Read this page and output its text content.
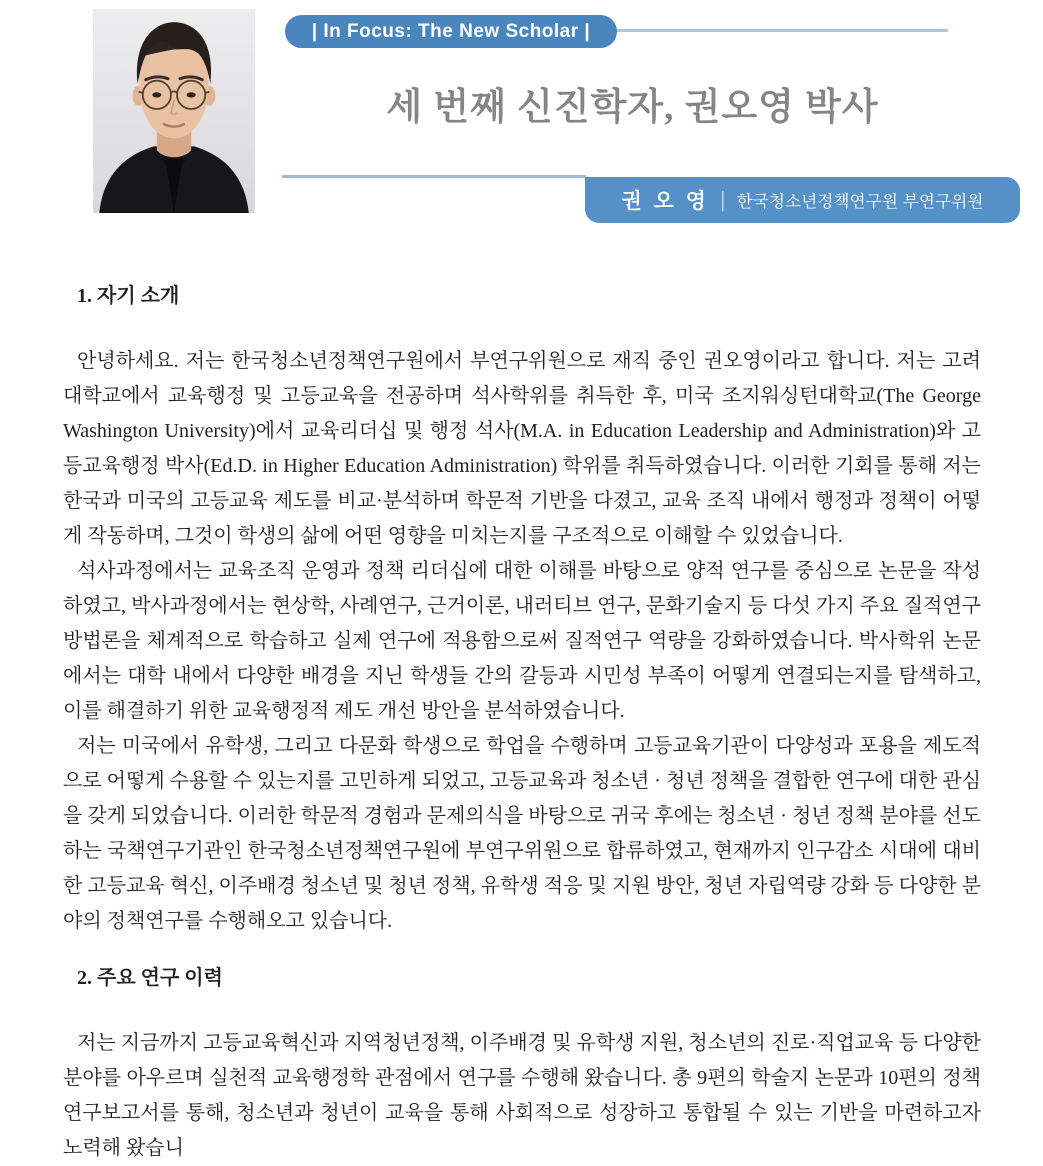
| In Focus: The New Scholar |
세 번째 신진학자, 권오영 박사
권 오 영 | 한국청소년정책연구원 부연구위원
1. 자기 소개

안녕하세요. 저는 한국청소년정책연구원에서 부연구위원으로 재직 중인 권오영이라고 합니다. 저는 고려대학교에서 교육행정 및 고등교육을 전공하며 석사학위를 취득한 후, 미국 조지워싱턴대학교(The George Washington University)에서 교육리더십 및 행정 석사(M.A. in Education Leadership and Administration)와 고등교육행정 박사(Ed.D. in Higher Education Administration) 학위를 취득하였습니다. 이러한 기회를 통해 저는 한국과 미국의 고등교육 제도를 비교·분석하며 학문적 기반을 다졌고, 교육 조직 내에서 행정과 정책이 어떻게 작동하며, 그것이 학생의 삶에 어떤 영향을 미치는지를 구조적으로 이해할 수 있었습니다.

석사과정에서는 교육조직 운영과 정책 리더십에 대한 이해를 바탕으로 양적 연구를 중심으로 논문을 작성하였고, 박사과정에서는 현상학, 사례연구, 근거이론, 내러티브 연구, 문화기술지 등 다섯 가지 주요 질적연구 방법론을 체계적으로 학습하고 실제 연구에 적용함으로써 질적연구 역량을 강화하였습니다. 박사학위 논문에서는 대학 내에서 다양한 배경을 지닌 학생들 간의 갈등과 시민성 부족이 어떻게 연결되는지를 탐색하고, 이를 해결하기 위한 교육행정적 제도 개선 방안을 분석하였습니다.

저는 미국에서 유학생, 그리고 다문화 학생으로 학업을 수행하며 고등교육기관이 다양성과 포용을 제도적으로 어떻게 수용할 수 있는지를 고민하게 되었고, 고등교육과 청소년 · 청년 정책을 결합한 연구에 대한 관심을 갖게 되었습니다. 이러한 학문적 경험과 문제의식을 바탕으로 귀국 후에는 청소년 · 청년 정책 분야를 선도하는 국책연구기관인 한국청소년정책연구원에 부연구위원으로 합류하였고, 현재까지 인구감소 시대에 대비한 고등교육 혁신, 이주배경 청소년 및 청년 정책, 유학생 적응 및 지원 방안, 청년 자립역량 강화 등 다양한 분야의 정책연구를 수행해오고 있습니다.

2. 주요 연구 이력

저는 지금까지 고등교육혁신과 지역청년정책, 이주배경 및 유학생 지원, 청소년의 진로·직업교육 등 다양한 분야를 아우르며 실천적 교육행정학 관점에서 연구를 수행해 왔습니다. 총 9편의 학술지 논문과 10편의 정책연구보고서를 통해, 청소년과 청년이 교육을 통해 사회적으로 성장하고 통합될 수 있는 기반을 마련하고자 노력해 왔습니
